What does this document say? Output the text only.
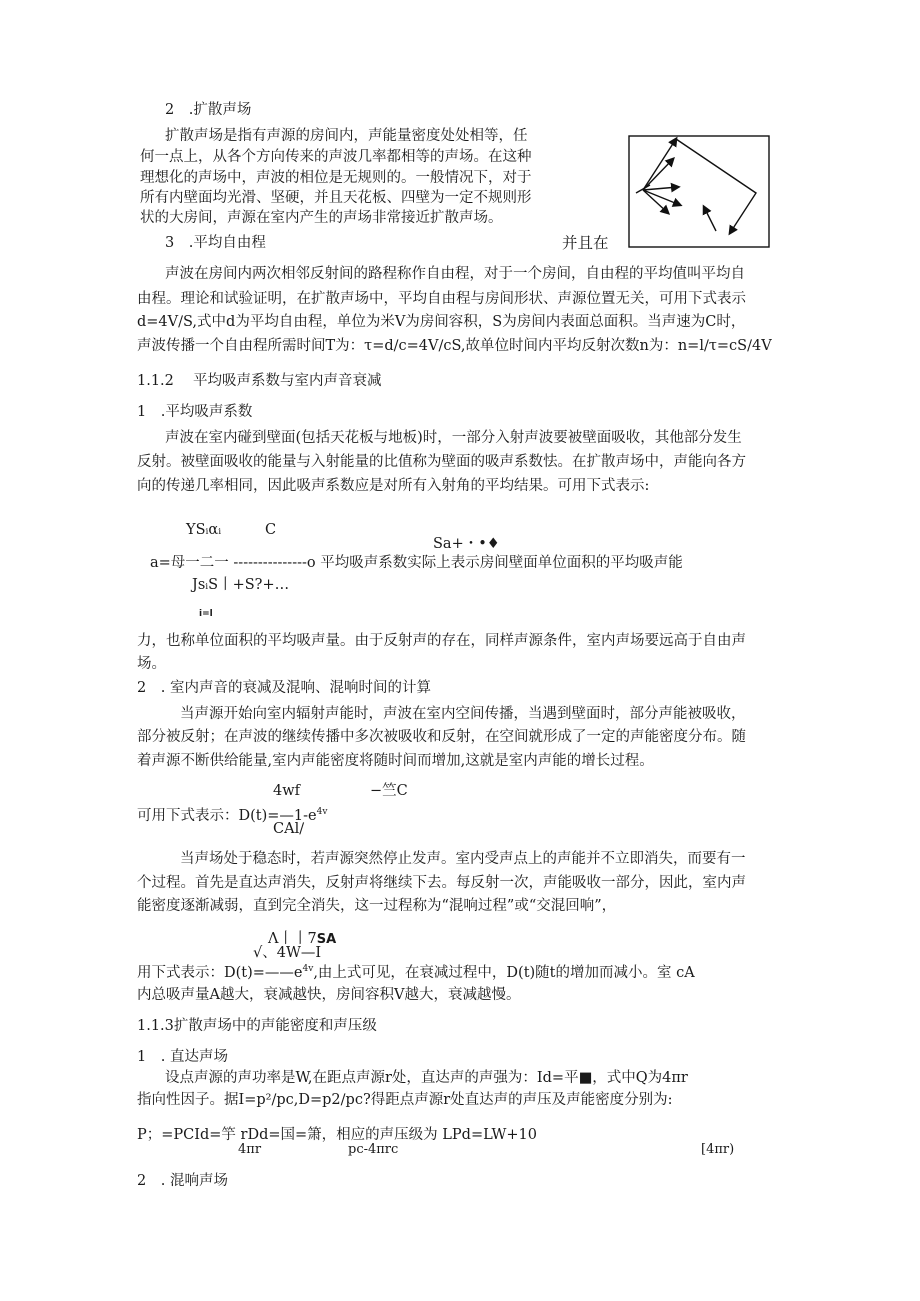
2　.扩散声场
扩散声场是指有声源的房间内，声能量密度处处相等，任
何一点上，从各个方向传来的声波几率都相等的声场。在这种
理想化的声场中，声波的相位是无规则的。一般情况下，对于
所有内壁面均光滑、坚硬，并且天花板、四壁为一定不规则形
状的大房间，声源在室内产生的声场非常接近扩散声场。
并且在
3　.平均自由程
声波在房间内两次相邻反射间的路程称作自由程，对于一个房间，自由程的平均值叫平均自
由程。理论和试验证明，在扩散声场中，平均自由程与房间形状、声源位置无关，可用下式表示
d=4V∕S,式中d为平均自由程，单位为米V为房间容积，S为房间内表面总面积。当声速为C时，
声波传播一个自由程所需时间T为：τ=d∕c=4V∕cS,故单位时间内平均反射次数n为：n=l∕τ=cS∕4V
1.1.2　 平均吸声系数与室内声音衰减
1　.平均吸声系数
声波在室内碰到壁面(包括天花板与地板)时，一部分入射声波要被壁面吸收，其他部分发生
反射。被壁面吸收的能量与入射能量的比值称为壁面的吸声系数怯。在扩散声场中，声能向各方
向的传递几率相同，因此吸声系数应是对所有入射角的平均结果。可用下式表示:
YSᵢαᵢ	C
Sa+・•♦
a=母一二一 ---------------o 平均吸声系数实际上表示房间壁面单位面积的平均吸声能
JsᵢS丨+S?+…
i=l
力，也称单位面积的平均吸声量。由于反射声的存在，同样声源条件，室内声场要远高于自由声
场。
2　. 室内声音的衰减及混响、混响时间的计算
当声源开始向室内辐射声能时，声波在室内空间传播，当遇到壁面时，部分声能被吸收，
部分被反射；在声波的继续传播中多次被吸收和反射，在空间就形成了一定的声能密度分布。随
着声源不断供给能量,室内声能密度将随时间而增加,这就是室内声能的增长过程。
4wf	−竺C
可用下式表示：$D(t)=—1-e^{4v}$
CAl∕
当声场处于稳态时，若声源突然停止发声。室内受声点上的声能并不立即消失，而要有一
个过程。首先是直达声消失，反射声将继续下去。每反射一次，声能吸收一部分，因此，室内声
能密度逐渐减弱，直到完全消失，这一过程称为“混响过程”或“交混回响”，
Λ丨丨7SA
√、4W—I
用下式表示：$D(t)=——e^{4v}$,由上式可见，在衰减过程中，D(t)随t的增加而减小。室 cA
内总吸声量A越大，衰减越快，房间容积V越大，衰减越慢。
1.1.3扩散声场中的声能密度和声压级
1　. 直达声场
设点声源的声功率是W,在距点声源r处，直达声的声强为：Id=平■，式中Q为4πr
指向性因子。据I=p²∕pc,D=p2∕pc?得距点声源r处直达声的声压及声能密度分别为:
P；=PCId=竽 rDd=国=箫，相应的声压级为 LPd=LW+10
4πr	pc-4πrc	[4πr)
2　. 混响声场
